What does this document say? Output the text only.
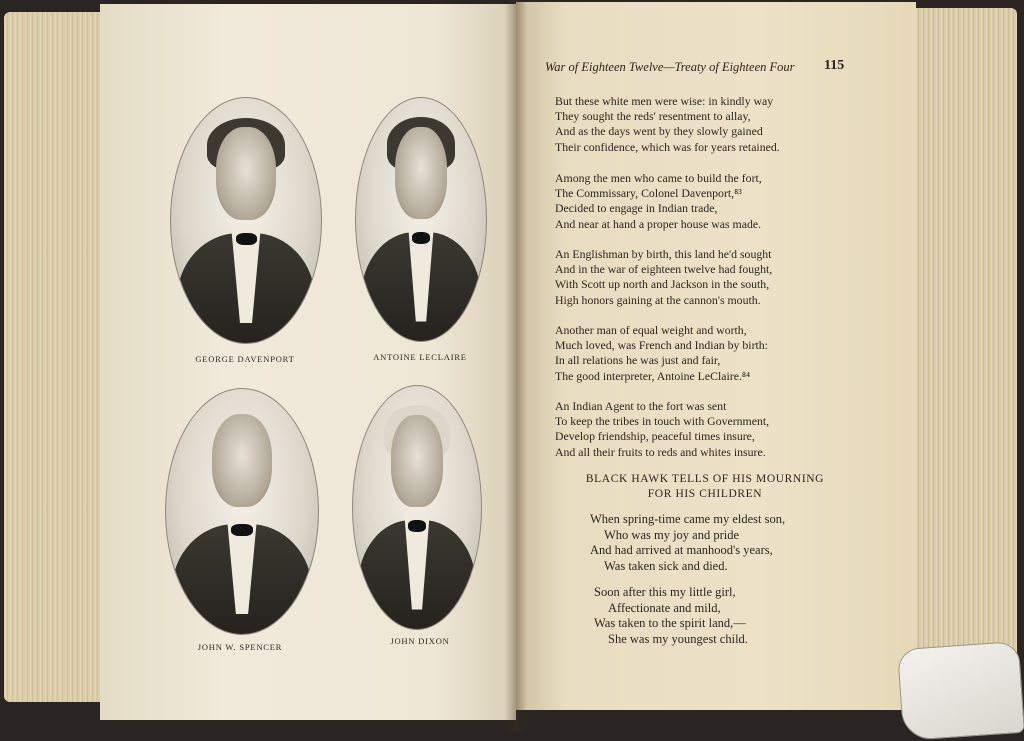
GEORGE DAVENPORT	ANTOINE LECLAIRE
JOHN W. SPENCER
JOHN DIXON
War of Eighteen Twelve—Treaty of Eighteen Four	115
But these white men were wise: in kindly way
They sought the reds' resentment to allay,
And as the days went by they slowly gained
Their confidence, which was for years retained.
Among the men who came to build the fort,
The Commissary, Colonel Davenport,⁸³
Decided to engage in Indian trade,
And near at hand a proper house was made.
An Englishman by birth, this land he'd sought
And in the war of eighteen twelve had fought,
With Scott up north and Jackson in the south,
High honors gaining at the cannon's mouth.
Another man of equal weight and worth,
Much loved, was French and Indian by birth:
In all relations he was just and fair,
The good interpreter, Antoine LeClaire.⁸⁴
An Indian Agent to the fort was sent
To keep the tribes in touch with Government,
Develop friendship, peaceful times insure,
And all their fruits to reds and whites insure.
BLACK HAWK TELLS OF HIS MOURNING
FOR HIS CHILDREN
When spring-time came my eldest son,
Who was my joy and pride
And had arrived at manhood's years,
Was taken sick and died.
Soon after this my little girl,
Affectionate and mild,
Was taken to the spirit land,—
She was my youngest child.
